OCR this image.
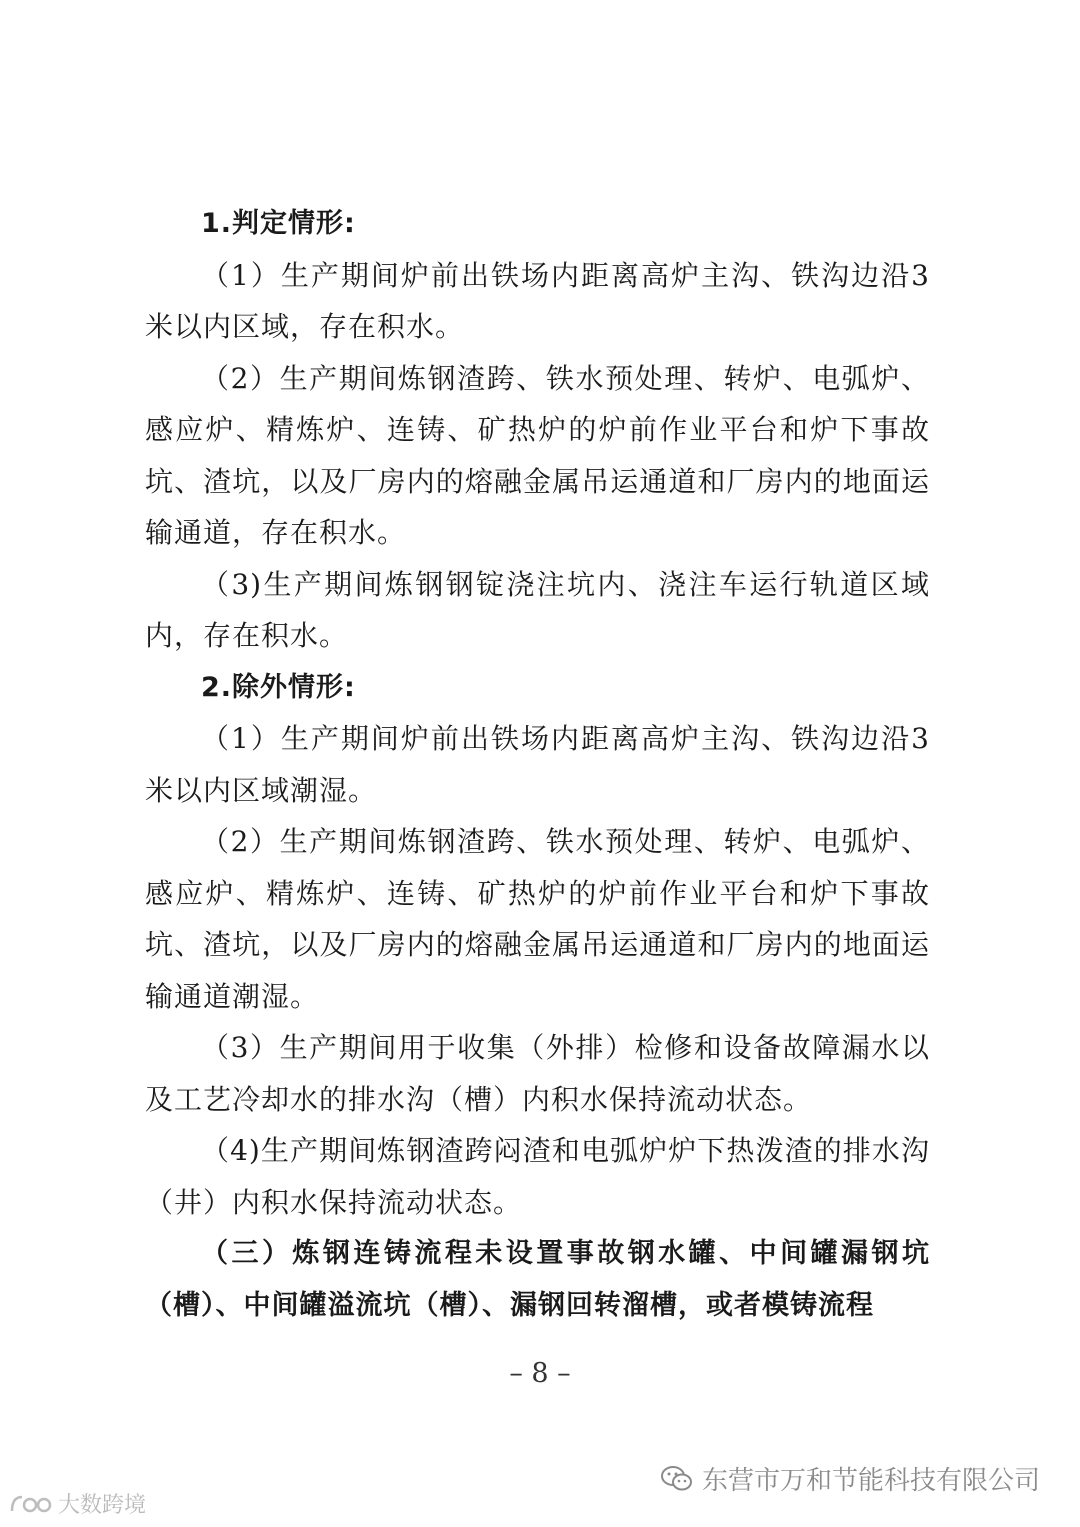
1.判定情形:

（1）生产期间炉前出铁场内距离高炉主沟、铁沟边沿3米以内区域，存在积水。

（2）生产期间炼钢渣跨、铁水预处理、转炉、电弧炉、感应炉、精炼炉、连铸、矿热炉的炉前作业平台和炉下事故坑、渣坑，以及厂房内的熔融金属吊运通道和厂房内的地面运输通道，存在积水。

（3)生产期间炼钢钢锭浇注坑内、浇注车运行轨道区域内，存在积水。

2.除外情形:

（1）生产期间炉前出铁场内距离高炉主沟、铁沟边沿3米以内区域潮湿。

（2）生产期间炼钢渣跨、铁水预处理、转炉、电弧炉、感应炉、精炼炉、连铸、矿热炉的炉前作业平台和炉下事故坑、渣坑，以及厂房内的熔融金属吊运通道和厂房内的地面运输通道潮湿。

（3）生产期间用于收集（外排）检修和设备故障漏水以及工艺冷却水的排水沟（槽）内积水保持流动状态。

（4)生产期间炼钢渣跨闷渣和电弧炉炉下热泼渣的排水沟（井）内积水保持流动状态。

（三）炼钢连铸流程未设置事故钢水罐、中间罐漏钢坑（槽）、中间罐溢流坑（槽）、漏钢回转溜槽，或者模铸流程

– 8 –
东营市万和节能科技有限公司
大数跨境
